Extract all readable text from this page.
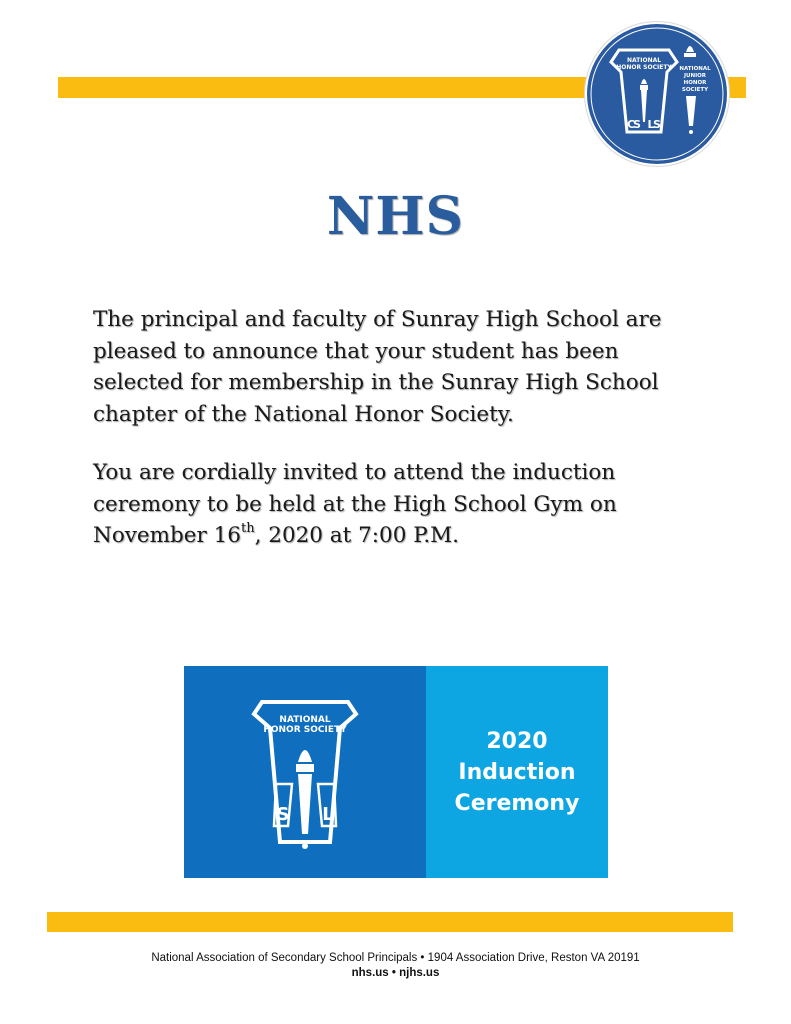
NATIONAL
HONOR SOCIETY
C
S L
S
NATIONAL
JUNIOR
HONOR
SOCIETY
NHS

The principal and faculty of Sunray High School are
pleased to announce that your student has been
selected for membership in the Sunray High School
chapter of the National Honor Society.

You are cordially invited to attend the induction
ceremony to be held at the High School Gym on
November 16th, 2020 at 7:00 P.M.

NATIONAL
HONOR SOCIETY
S L
2020
Induction
Ceremony
National Association of Secondary School Principals • 1904 Association Drive, Reston VA 20191
nhs.us • njhs.us
